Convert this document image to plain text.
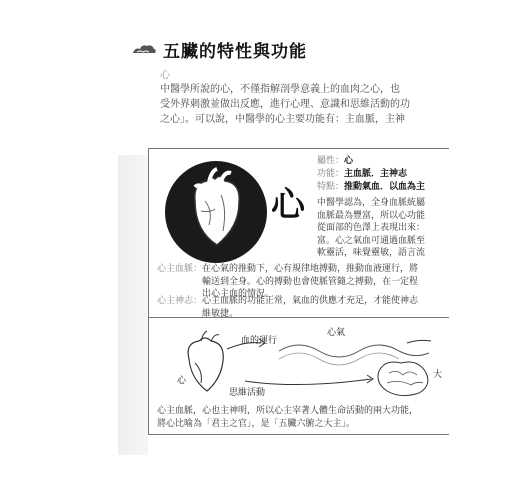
五臟的特性與功能
心
中醫學所說的心，不僅指解剖學意義上的血肉之心，也
受外界刺激並做出反應，進行心理、意識和思維活動的功
之心」。可以說，中醫學的心主要功能有：主血脈，主神
心
屬性：心
功能：主血脈．主神志
特點：推動氣血．以血為主
中醫學認為，全身血脈統屬
血脈最為豐富，所以心功能
從面部的色澤上表現出來：
富。心之氣血可通過血脈至
軟靈活，味覺靈敏，語言流
心主血脈：在心氣的推動下，心有規律地搏動，推動血液運行，將
輸送到全身。心的搏動也會使脈管隨之搏動，在一定程
出心主血的情況。
心主神志：心主血脈的功能正常，氣血的供應才充足，才能使神志
維敏捷。
血的運行
心氣
心
思維活動
大
心主血脈，心也主神明，所以心主宰著人體生命活動的兩大功能，
將心比喻為「君主之官」，是「五臟六腑之大主」。
